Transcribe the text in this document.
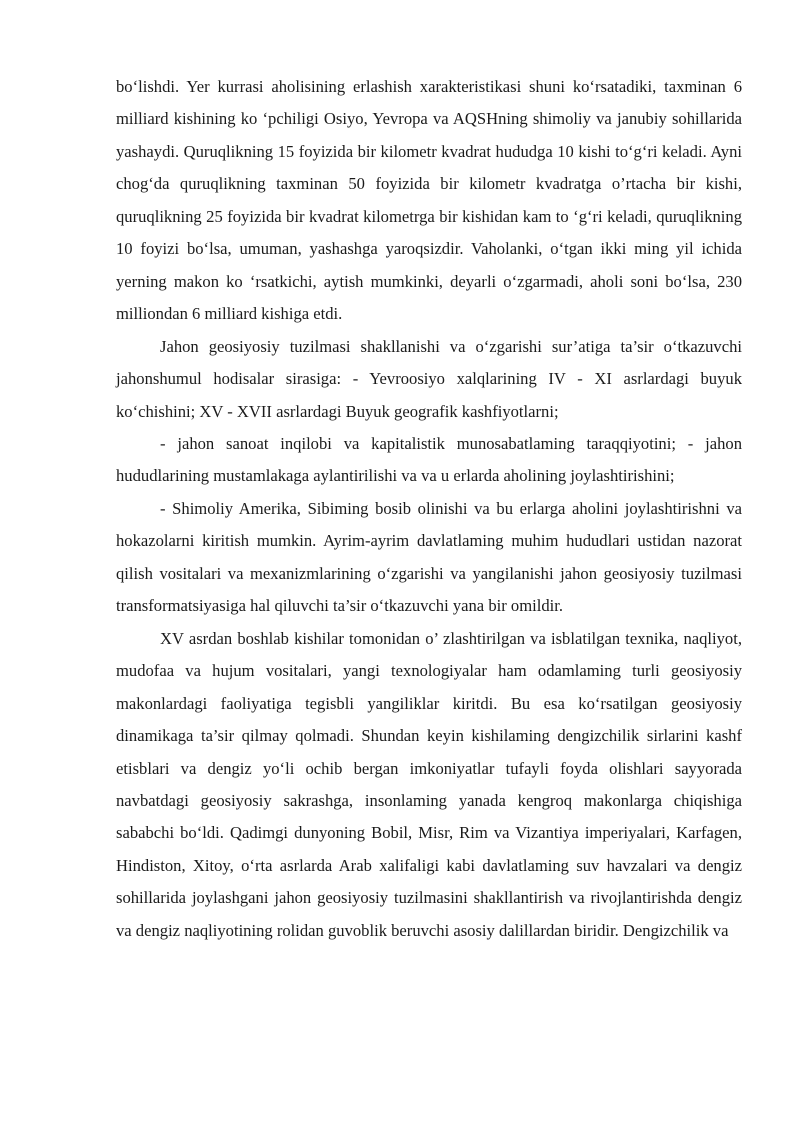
bo‘lishdi. Yer kurrasi aholisining erlashish xarakteristikasi shuni ko‘rsatadiki, taxminan 6 milliard kishining ko ‘pchiligi Osiyo, Yevropa va AQSHning shimoliy va janubiy sohillarida yashaydi. Quruqlikning 15 foyizida bir kilometr kvadrat hududga 10 kishi to‘g‘ri keladi. Ayni chog‘da quruqlikning taxminan 50 foyizida bir kilometr kvadratga o’rtacha bir kishi, quruqlikning 25 foyizida bir kvadrat kilometrga bir kishidan kam to ‘g‘ri keladi, quruqlikning 10 foyizi bo‘lsa, umuman, yashashga yaroqsizdir. Vaholanki, o‘tgan ikki ming yil ichida yerning makon ko ‘rsatkichi, aytish mumkinki, deyarli o‘zgarmadi, aholi soni bo‘lsa, 230 milliondan 6 milliard kishiga etdi.

Jahon geosiyosiy tuzilmasi shakllanishi va o‘zgarishi sur’atiga ta’sir o‘tkazuvchi jahonshumul hodisalar sirasiga: - Yevroosiyo xalqlarining IV - XI asrlardagi buyuk ko‘chishini; XV - XVII asrlardagi Buyuk geografik kashfiyotlarni;

- jahon sanoat inqilobi va kapitalistik munosabatlaming taraqqiyotini; - jahon hududlarining mustamlakaga aylantirilishi va va u erlarda aholining joylashtirishini;

- Shimoliy Amerika, Sibiming bosib olinishi va bu erlarga aholini joylashtirishni va hokazolarni kiritish mumkin. Ayrim-ayrim davlatlaming muhim hududlari ustidan nazorat qilish vositalari va mexanizmlarining o‘zgarishi va yangilanishi jahon geosiyosiy tuzilmasi transformatsiyasiga hal qiluvchi ta’sir o‘tkazuvchi yana bir omildir.

XV asrdan boshlab kishilar tomonidan o’ zlashtirilgan va isblatilgan texnika, naqliyot, mudofaa va hujum vositalari, yangi texnologiyalar ham odamlaming turli geosiyosiy makonlardagi faoliyatiga tegisbli yangiliklar kiritdi. Bu esa ko‘rsatilgan geosiyosiy dinamikaga ta’sir qilmay qolmadi. Shundan keyin kishilaming dengizchilik sirlarini kashf etisblari va dengiz yo‘li ochib bergan imkoniyatlar tufayli foyda olishlari sayyorada navbatdagi geosiyosiy sakrashga, insonlaming yanada kengroq makonlarga chiqishiga sababchi bo‘ldi. Qadimgi dunyoning Bobil, Misr, Rim va Vizantiya imperiyalari, Karfagen, Hindiston, Xitoy, o‘rta asrlarda Arab xalifaligi kabi davlatlaming suv havzalari va dengiz sohillarida joylashgani jahon geosiyosiy tuzilmasini shakllantirish va rivojlantirishda dengiz va dengiz naqliyotining rolidan guvoblik beruvchi asosiy dalillardan biridir. Dengizchilik va
